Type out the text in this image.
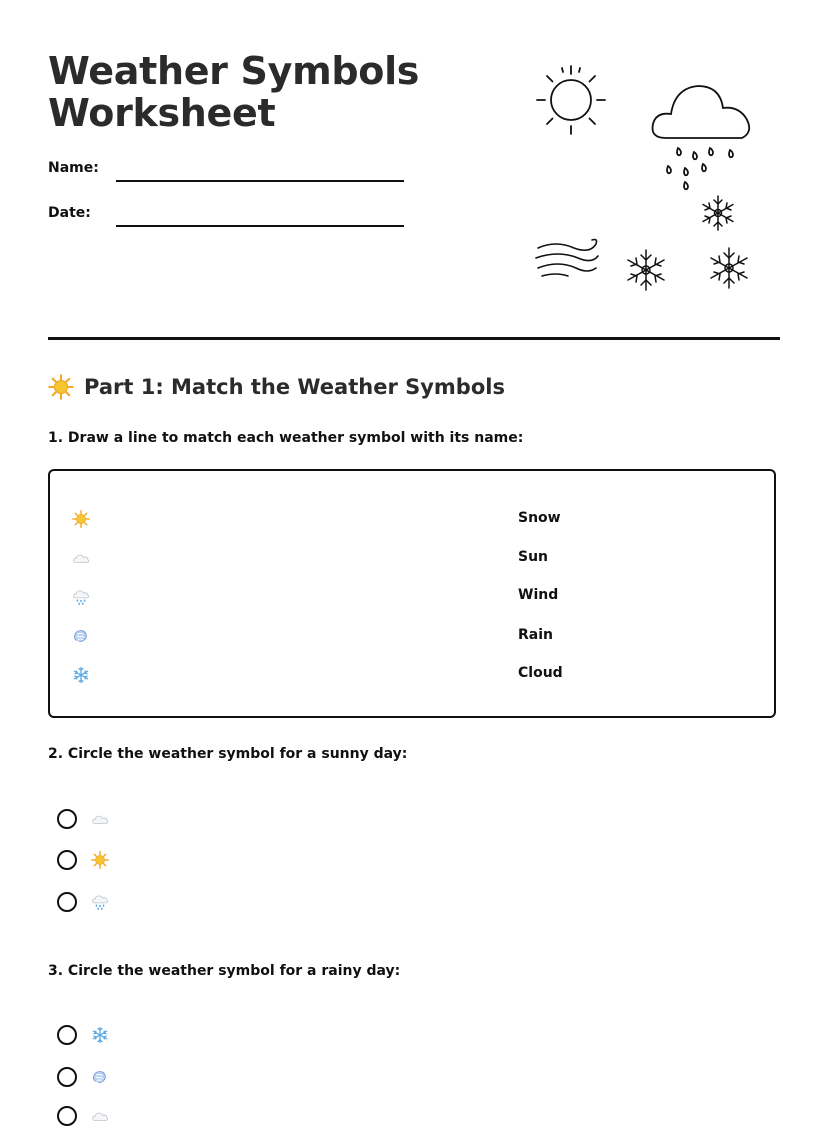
Weather Symbols Worksheet
Name:
Date:
Part 1: Match the Weather Symbols

1. Draw a line to match each weather symbol with its name:

Snow
Sun
Wind
Rain
Cloud

2. Circle the weather symbol for a sunny day:

3. Circle the weather symbol for a rainy day:
